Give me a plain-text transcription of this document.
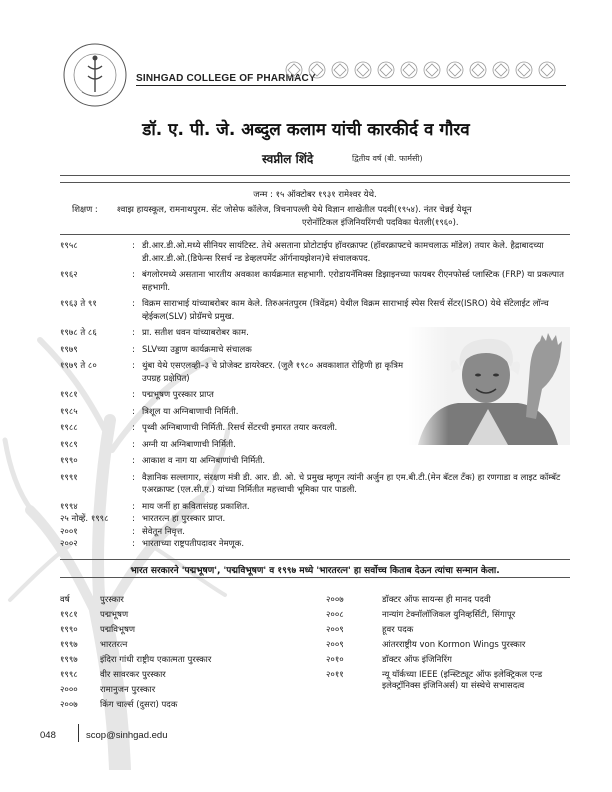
SINHGAD COLLEGE OF PHARMACY
डॉ. ए. पी. जे. अब्दुल कलाम यांची कारकीर्द व गौरव
स्वप्नील शिंदे	द्वितीय वर्ष (बी. फार्मसी)
जन्म : १५ ऑक्टोबर १९३१ रामेश्वर येथे.
शिक्षण : श्वाझ हायस्कूल, रामनाथपुरम. सेंट जोसेफ कॉलेज, त्रिचनापल्ली येथे विज्ञान शाखेतील पदवी(१९५४). नंतर चेन्नई येथून
एरोनॉटिकल इंजिनियरिंगची पदविका घेतली(१९६०).
१९५८	: डी.आर.डी.ओ.मध्ये सीनियर सायंटिस्ट. तेथे असताना प्रोटोटाईप हॉवरक्राफ्ट (हॉवरक्राफ्टचे कामचलाऊ मॉडेल) तयार केले. हैद्राबादच्या डी.आर.डी.ओ.(डिफेन्स रिसर्च न्ड डेव्हलपमेंट ऑर्गनायझेशन)चे संचालकपद.
१९६२	: बंगलोरमध्ये असताना भारतीय अवकाश कार्यक्रमात सहभागी. एरोडायनॅमिक्स डिझाइनच्या फायबर रीएनफोर्स्ड प्लास्टिक (FRP) या प्रकल्पात सहभागी.
१९६३ ते ९१	: विक्रम साराभाई यांच्याबरोबर काम केले. तिरुअनंतपुरम (त्रिवेंद्रम) येथील विक्रम साराभाई स्पेस रिसर्च सेंटर(ISRO) येथे सॅटेलाईट लॉन्च व्हेईकल(SLV) प्रोग्रॅमचे प्रमुख.
१९७८ ते ८६	: प्रा. सतीश धवन यांच्याबरोबर काम.
१९७९	: SLVच्या उड्डाण कार्यक्रमाचे संचालक
१९७९ ते ८०	: थुंबा येथे एसएलव्ही–३ चे प्रोजेक्ट डायरेक्टर. (जुलै १९८० अवकाशात रोहिणी हा कृत्रिम उपग्रह प्रक्षेपित)
१९८१	: पद्मभूषण पुरस्कार प्राप्त
१९८५	: त्रिशूल या अग्निबाणाची निर्मिती.
१९८८	: पृथ्वी अग्निबाणाची निर्मिती. रिसर्च सेंटरची इमारत तयार करवली.
१९८९	: अग्नी या अग्निबाणाची निर्मिती.
१९९०	: आकाश व नाग या अग्निबाणांची निर्मिती.
१९९१	: वैज्ञानिक सल्लागार, संरक्षण मंत्री डी. आर. डी. ओ. चे प्रमुख म्हणून त्यांनी अर्जुन हा एम.बी.टी.(मेन बॅटल टँक) हा रणगाडा व लाइट कॉम्बॅट एअरक्राफ्ट (एल.सी.ए.) यांच्या निर्मितीत महत्त्वाची भूमिका पार पाडली.
१९९४	: माय जर्नी हा कवितासंग्रह प्रकाशित.
२५ नोव्हें. १९९८	: भारतरत्न हा पुरस्कार प्राप्त.
२००१	: सेवेतून निवृत्त.
२००२	: भारताच्या राष्ट्रपतीपदावर नेमणूक.
भारत सरकारने 'पद्मभूषण', 'पद्मविभूषण' व १९९७ मध्ये 'भारतरत्न' हा सर्वोच्च किताब देऊन त्यांचा सन्मान केला.
वर्ष	पुरस्कार
१९८१	पद्मभूषण
१९९०	पद्मविभूषण
१९९७	भारतरत्न
१९९७	इंदिरा गांधी राष्ट्रीय एकात्मता पुरस्कार
१९९८	वीर सावरकर पुरस्कार
२०००	रामानुजन पुरस्कार
२००७	किंग चार्ल्स (दुसरा) पदक
२००७	डॉक्टर ऑफ सायन्स ही मानद पदवी
२००८	नान्यांग टेक्नॉलॉजिकल युनिव्हर्सिटी, सिंगापूर
२००९	हूवर पदक
२००९	आंतरराष्ट्रीय von Kormon Wings पुरस्कार
२०१०	डॉक्टर ऑफ इंजिनिरिंग
२०११	न्यू यॉर्कच्या IEEE (इन्स्टिट्यूट ऑफ इलेक्ट्रिकल एन्ड इलेक्ट्रॉनिक्स इंजिनिअर्स) या संस्थेचे सभासदत्व
048	scop@sinhgad.edu
